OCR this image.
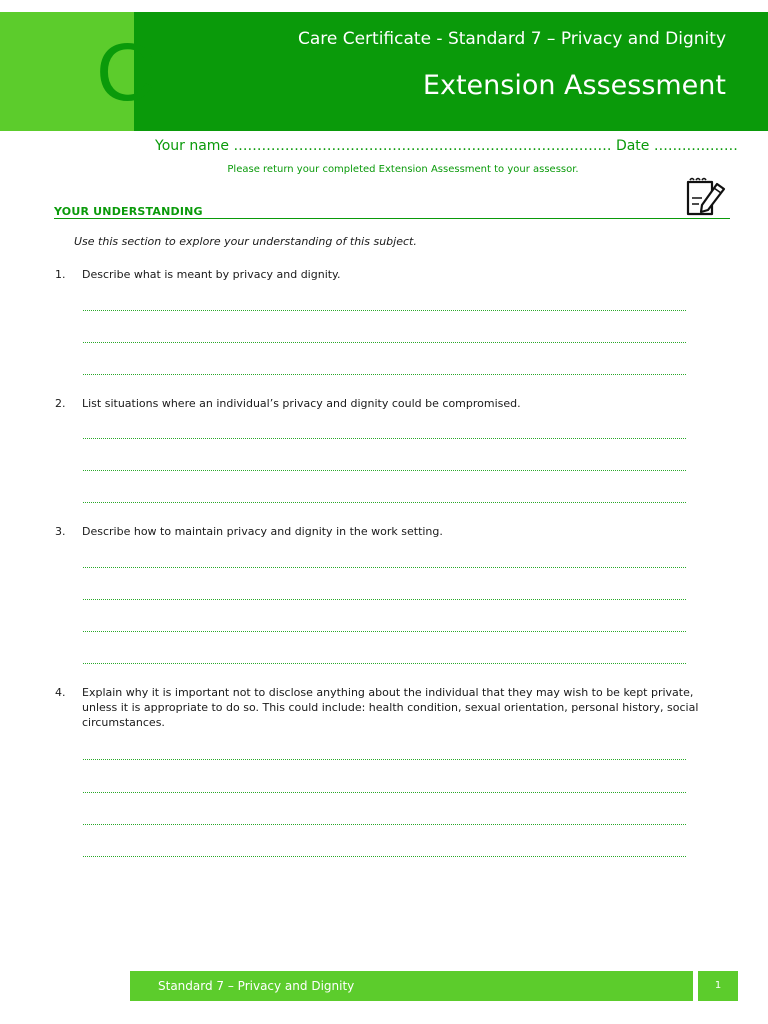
C	Care Certificate - Standard 7 – Privacy and Dignity
Extension Assessment
Your name ……………………………………………………………………… Date ………………
Please return your completed Extension Assessment to your assessor.
YOUR UNDERSTANDING
Use this section to explore your understanding of this subject.
1. Describe what is meant by privacy and dignity.
2. List situations where an individual’s privacy and dignity could be compromised.
3. Describe how to maintain privacy and dignity in the work setting.
4. Explain why it is important not to disclose anything about the individual that they may wish to be kept private, unless it is appropriate to do so. This could include: health condition, sexual orientation, personal history, social circumstances.
Standard 7 – Privacy and Dignity	1
